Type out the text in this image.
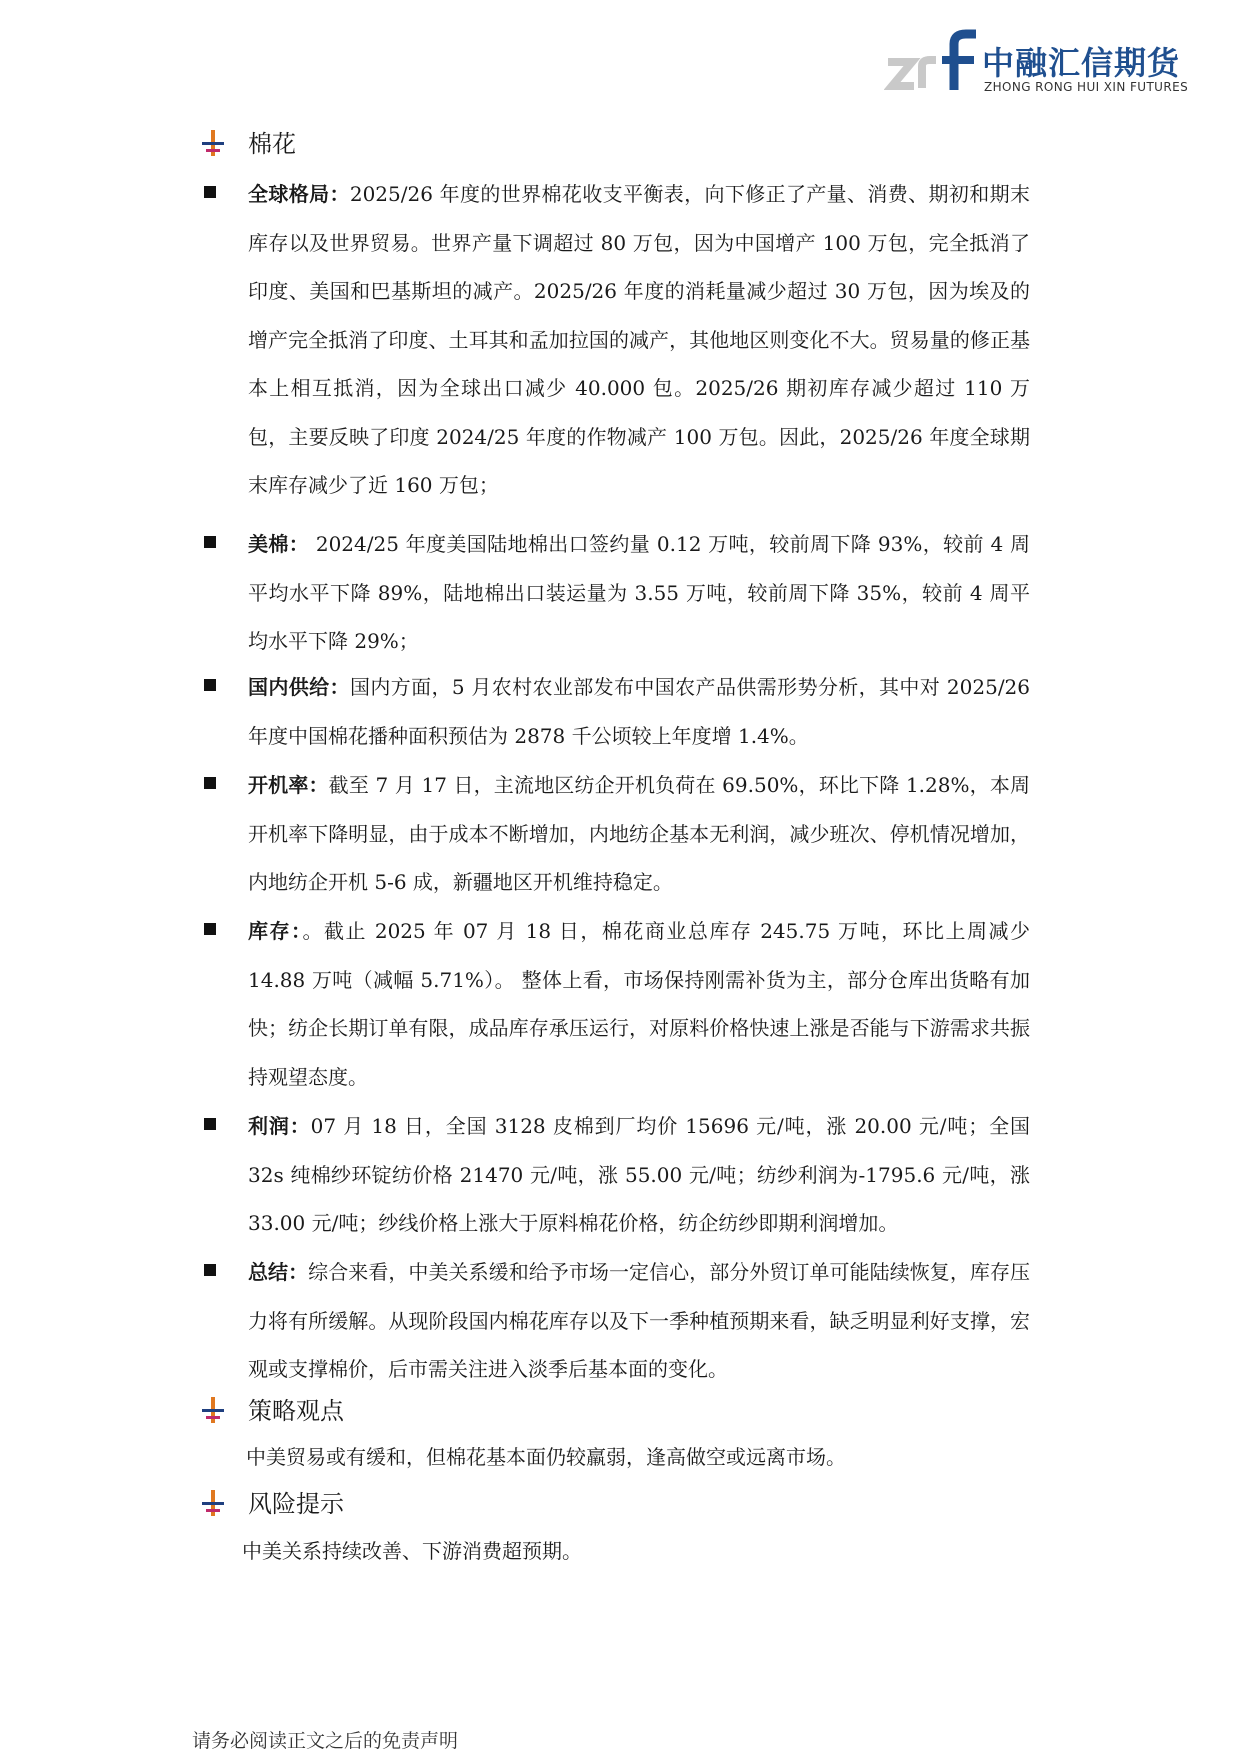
中融汇信期货
ZHONG RONG HUI XIN FUTURES
棉花
全球格局：2025/26 年度的世界棉花收支平衡表，向下修正了产量、消费、期初和期末库存以及世界贸易。世界产量下调超过 80 万包，因为中国增产 100 万包，完全抵消了印度、美国和巴基斯坦的减产。2025/26 年度的消耗量减少超过 30 万包，因为埃及的增产完全抵消了印度、土耳其和孟加拉国的减产，其他地区则变化不大。贸易量的修正基本上相互抵消，因为全球出口减少 40.000 包。2025/26 期初库存减少超过 110 万包，主要反映了印度 2024/25 年度的作物减产 100 万包。因此，2025/26 年度全球期末库存减少了近 160 万包；
美棉： 2024/25 年度美国陆地棉出口签约量 0.12 万吨，较前周下降 93%，较前 4 周平均水平下降 89%，陆地棉出口装运量为 3.55 万吨，较前周下降 35%，较前 4 周平均水平下降 29%；
国内供给：国内方面，5 月农村农业部发布中国农产品供需形势分析，其中对 2025/26 年度中国棉花播种面积预估为 2878 千公顷较上年度增 1.4%。
开机率：截至 7 月 17 日，主流地区纺企开机负荷在 69.50%，环比下降 1.28%，本周开机率下降明显，由于成本不断增加，内地纺企基本无利润，减少班次、停机情况增加，内地纺企开机 5-6 成，新疆地区开机维持稳定。
库存：。截止 2025 年 07 月 18 日，棉花商业总库存 245.75 万吨，环比上周减少 14.88 万吨（减幅 5.71%）。 整体上看，市场保持刚需补货为主，部分仓库出货略有加快；纺企长期订单有限，成品库存承压运行，对原料价格快速上涨是否能与下游需求共振持观望态度。
利润：07 月 18 日，全国 3128 皮棉到厂均价 15696 元/吨，涨 20.00 元/吨；全国 32s 纯棉纱环锭纺价格 21470 元/吨，涨 55.00 元/吨；纺纱利润为-1795.6 元/吨，涨 33.00 元/吨；纱线价格上涨大于原料棉花价格，纺企纺纱即期利润增加。
总结：综合来看，中美关系缓和给予市场一定信心，部分外贸订单可能陆续恢复，库存压力将有所缓解。从现阶段国内棉花库存以及下一季种植预期来看，缺乏明显利好支撑，宏观或支撑棉价，后市需关注进入淡季后基本面的变化。
策略观点
中美贸易或有缓和，但棉花基本面仍较羸弱，逢高做空或远离市场。
风险提示
中美关系持续改善、下游消费超预期。
请务必阅读正文之后的免责声明
